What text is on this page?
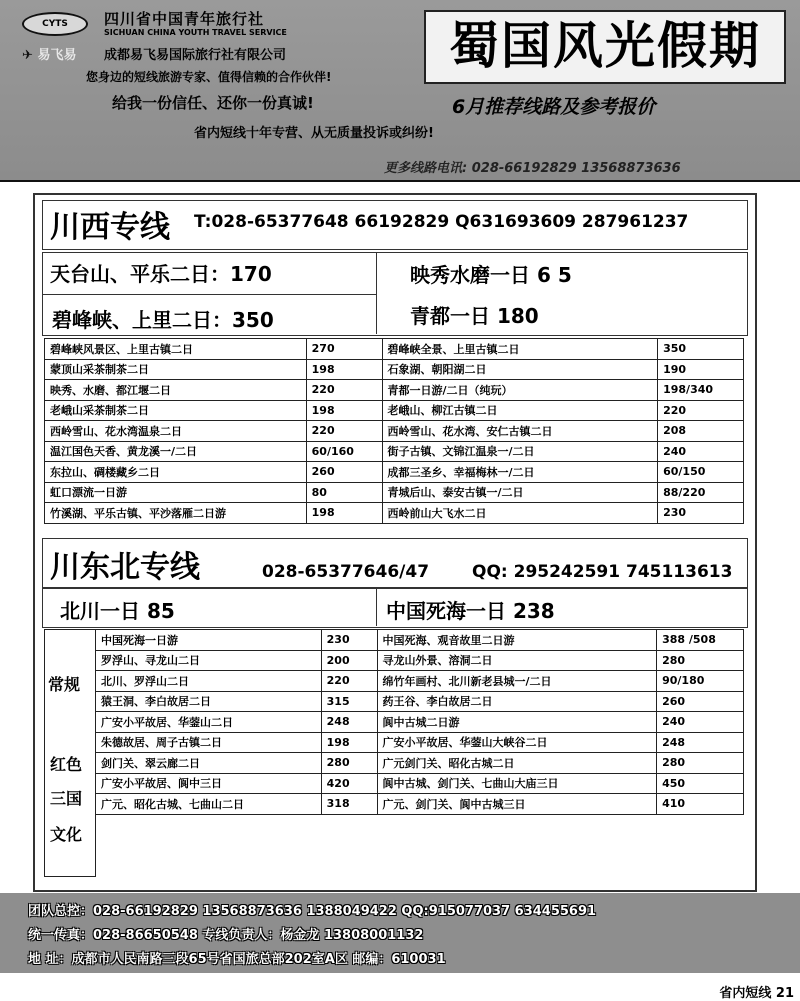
CYTS	四川省中国青年旅行社
SICHUAN CHINA YOUTH TRAVEL SERVICE
✈ 易飞易 成都易飞易国际旅行社有限公司
您身边的短线旅游专家、值得信赖的合作伙伴!
给我一份信任、还你一份真诚!
省内短线十年专营、从无质量投诉或纠纷!
蜀国风光假期
6月推荐线路及参考报价
更多线路电讯: 028-66192829 13568873636
川西专线 T:028-65377648 66192829 Q631693609 287961237
天台山、平乐二日：170	映秀水磨一日 6 5
碧峰峡、上里二日：350	青都一日 180
碧峰峡风景区、上里古镇二日	270	碧峰峡全景、上里古镇二日	350
蒙顶山采茶制茶二日	198	石象湖、朝阳湖二日	190
映秀、水磨、都江堰二日	220	青都一日游/二日（纯玩）	198/340
老峨山采茶制茶二日	198	老峨山、柳江古镇二日	220
西岭雪山、花水湾温泉二日	220	西岭雪山、花水湾、安仁古镇二日	208
温江国色天香、黄龙溪一/二日	60/160	街子古镇、文锦江温泉一/二日	240
东拉山、碉楼藏乡二日	260	成都三圣乡、幸福梅林一/二日	60/150
虹口漂流一日游	80	青城后山、泰安古镇一/二日	88/220
竹溪湖、平乐古镇、平沙落雁二日游	198	西岭前山大飞水二日	230
川东北专线	028-65377646/47	QQ: 295242591 745113613
北川一日 85	中国死海一日 238
常规
红色
三国
文化
中国死海一日游	230	中国死海、观音故里二日游	388 /508
罗浮山、寻龙山二日	200	寻龙山外景、溶洞二日	280
北川、罗浮山二日	220	绵竹年画村、北川新老县城一/二日	90/180
猿王洞、李白故居二日	315	药王谷、李白故居二日	260
广安小平故居、华蓥山二日	248	阆中古城二日游	240
朱德故居、周子古镇二日	198	广安小平故居、华蓥山大峡谷二日	248
剑门关、翠云廊二日	280	广元剑门关、昭化古城二日	280
广安小平故居、阆中三日	420	阆中古城、剑门关、七曲山大庙三日	450
广元、昭化古城、七曲山二日	318	广元、剑门关、阆中古城三日	410
团队总控：028-66192829 13568873636 1388049422 QQ:915077037 634455691
统一传真：028-86650548 专线负责人：杨金龙 13808001132
地 址：成都市人民南路三段65号省国旅总部202室A区 邮编：610031
省内短线 21
